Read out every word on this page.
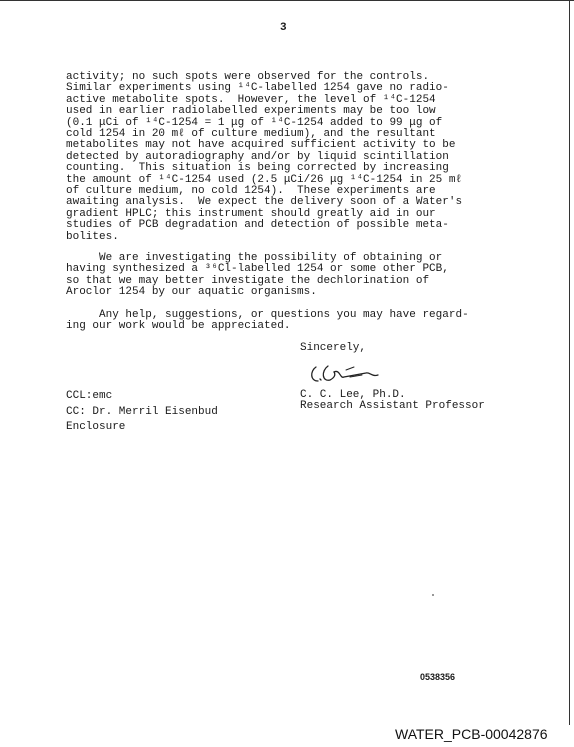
3

activity; no such spots were observed for the controls.
Similar experiments using ¹⁴C-labelled 1254 gave no radio-
active metabolite spots.  However, the level of ¹⁴C-1254
used in earlier radiolabelled experiments may be too low
(0.1 μCi of ¹⁴C-1254 = 1 μg of ¹⁴C-1254 added to 99 μg of
cold 1254 in 20 mℓ of culture medium), and the resultant
metabolites may not have acquired sufficient activity to be
detected by autoradiography and/or by liquid scintillation
counting.  This situation is being corrected by increasing
the amount of ¹⁴C-1254 used (2.5 μCi/26 μg ¹⁴C-1254 in 25 mℓ
of culture medium, no cold 1254).  These experiments are
awaiting analysis.  We expect the delivery soon of a Water's
gradient HPLC; this instrument should greatly aid in our
studies of PCB degradation and detection of possible meta-
bolites.

We are investigating the possibility of obtaining or
having synthesized a ³⁶Cl-labelled 1254 or some other PCB,
so that we may better investigate the dechlorination of
Aroclor 1254 by our aquatic organisms.

Any help, suggestions, or questions you may have regard-
ing our work would be appreciated.

Sincerely,
C. C. Lee, Ph.D.
Research Assistant Professor
CCL:emc
CC: Dr. Merril Eisenbud
Enclosure
0538356
WATER_PCB-00042876
